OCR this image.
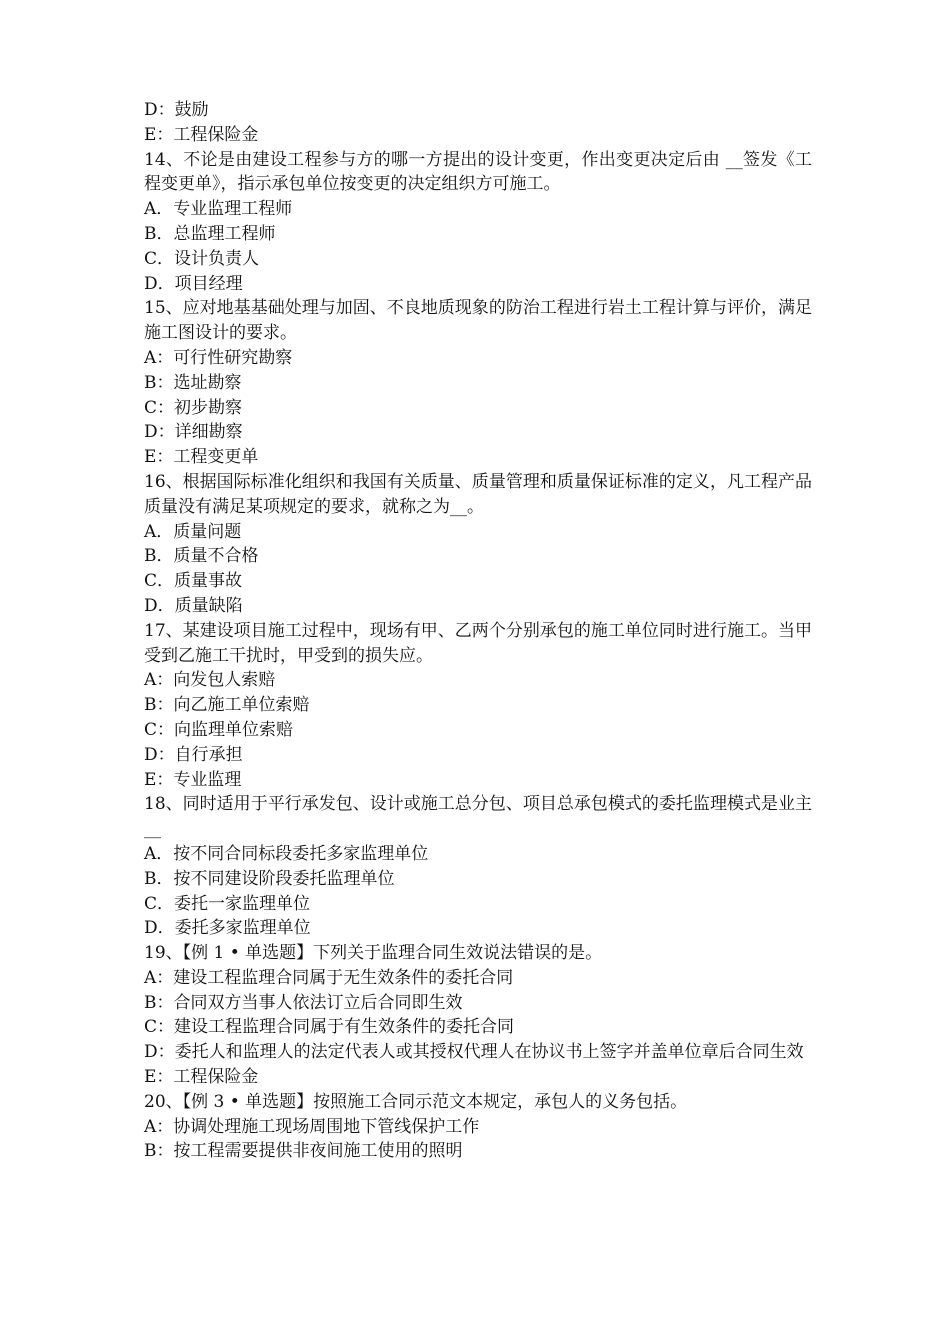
D：鼓励
E：工程保险金
14、不论是由建设工程参与方的哪一方提出的设计变更，作出变更决定后由 __签发《工程变更单》，指示承包单位按变更的决定组织方可施工。
A．专业监理工程师
B．总监理工程师
C．设计负责人
D．项目经理
15、应对地基基础处理与加固、不良地质现象的防治工程进行岩土工程计算与评价，满足施工图设计的要求。
A：可行性研究勘察
B：选址勘察
C：初步勘察
D：详细勘察
E：工程变更单
16、根据国际标准化组织和我国有关质量、质量管理和质量保证标准的定义，凡工程产品质量没有满足某项规定的要求，就称之为__。
A．质量问题
B．质量不合格
C．质量事故
D．质量缺陷
17、某建设项目施工过程中，现场有甲、乙两个分别承包的施工单位同时进行施工。当甲受到乙施工干扰时，甲受到的损失应。
A：向发包人索赔
B：向乙施工单位索赔
C：向监理单位索赔
D：自行承担
E：专业监理
18、同时适用于平行承发包、设计或施工总分包、项目总承包模式的委托监理模式是业主__
A．按不同合同标段委托多家监理单位
B．按不同建设阶段委托监理单位
C．委托一家监理单位
D．委托多家监理单位
19、【例 1 • 单选题】下列关于监理合同生效说法错误的是。
A：建设工程监理合同属于无生效条件的委托合同
B：合同双方当事人依法订立后合同即生效
C：建设工程监理合同属于有生效条件的委托合同
D：委托人和监理人的法定代表人或其授权代理人在协议书上签字并盖单位章后合同生效
E：工程保险金
20、【例 3 • 单选题】按照施工合同示范文本规定，承包人的义务包括。
A：协调处理施工现场周围地下管线保护工作
B：按工程需要提供非夜间施工使用的照明
